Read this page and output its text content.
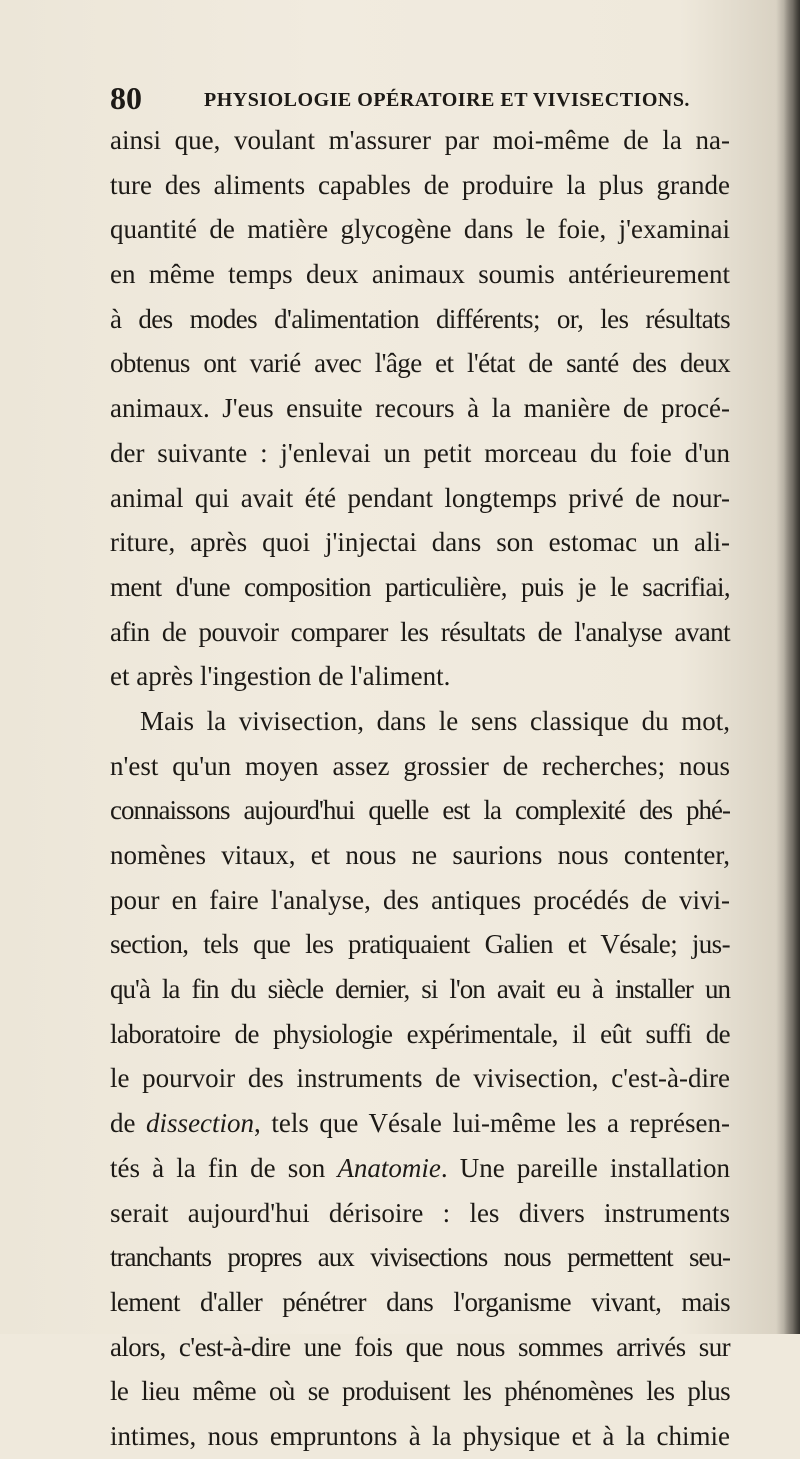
80	PHYSIOLOGIE OPÉRATOIRE ET VIVISECTIONS.
ainsi que, voulant m'assurer par moi-même de la na-
ture des aliments capables de produire la plus grande
quantité de matière glycogène dans le foie, j'examinai
en même temps deux animaux soumis antérieurement
à des modes d'alimentation différents; or, les résultats
obtenus ont varié avec l'âge et l'état de santé des deux
animaux. J'eus ensuite recours à la manière de procé-
der suivante : j'enlevai un petit morceau du foie d'un
animal qui avait été pendant longtemps privé de nour-
riture, après quoi j'injectai dans son estomac un ali-
ment d'une composition particulière, puis je le sacrifiai,
afin de pouvoir comparer les résultats de l'analyse avant
et après l'ingestion de l'aliment.
Mais la vivisection, dans le sens classique du mot,
n'est qu'un moyen assez grossier de recherches; nous
connaissons aujourd'hui quelle est la complexité des phé-
nomènes vitaux, et nous ne saurions nous contenter,
pour en faire l'analyse, des antiques procédés de vivi-
section, tels que les pratiquaient Galien et Vésale; jus-
qu'à la fin du siècle dernier, si l'on avait eu à installer un
laboratoire de physiologie expérimentale, il eût suffi de
le pourvoir des instruments de vivisection, c'est-à-dire
de dissection, tels que Vésale lui-même les a représen-
tés à la fin de son Anatomie. Une pareille installation
serait aujourd'hui dérisoire : les divers instruments
tranchants propres aux vivisections nous permettent seu-
lement d'aller pénétrer dans l'organisme vivant, mais
alors, c'est-à-dire une fois que nous sommes arrivés sur
le lieu même où se produisent les phénomènes les plus
intimes, nous empruntons à la physique et à la chimie
